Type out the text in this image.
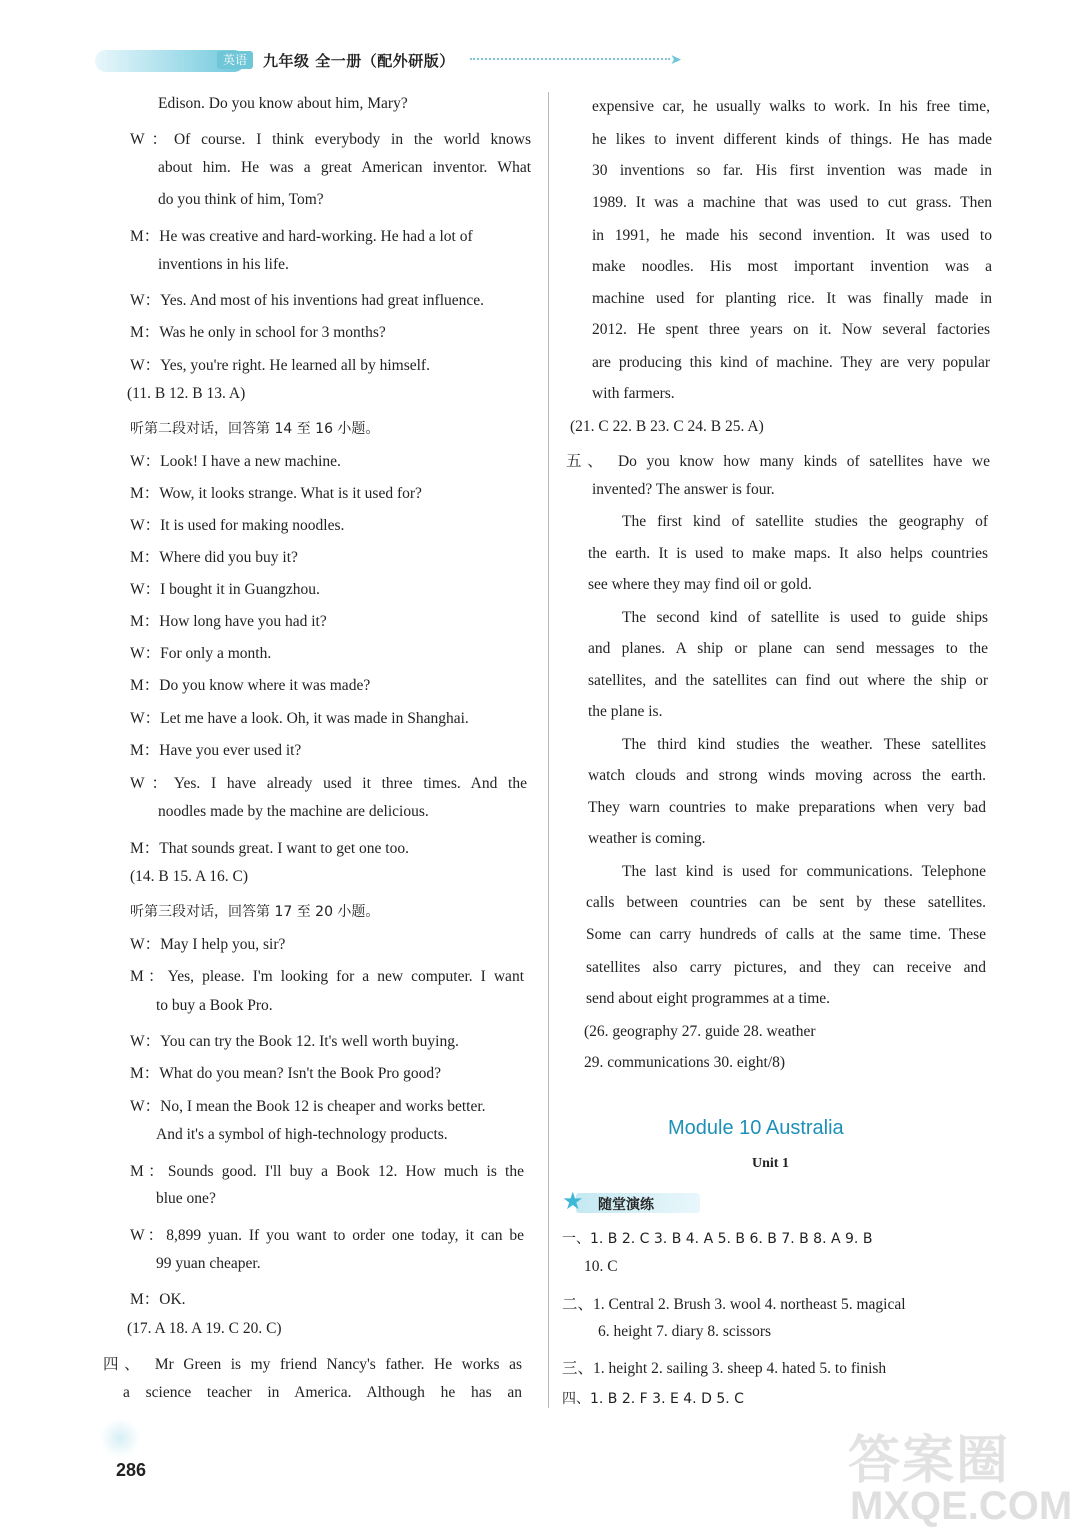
英语	九年级 全一册（配外研版）	➤
Edison. Do you know about him, Mary?
W：Of course. I think everybody in the world knows
about him. He was a great American inventor. What
do you think of him, Tom?
M：He was creative and hard-working. He had a lot of
inventions in his life.
W：Yes. And most of his inventions had great influence.
M：Was he only in school for 3 months?
W：Yes, you're right. He learned all by himself.
(11. B 12. B 13. A)
听第二段对话，回答第 14 至 16 小题。
W：Look! I have a new machine.
M：Wow, it looks strange. What is it used for?
W：It is used for making noodles.
M：Where did you buy it?
W：I bought it in Guangzhou.
M：How long have you had it?
W：For only a month.
M：Do you know where it was made?
W：Let me have a look. Oh, it was made in Shanghai.
M：Have you ever used it?
W：Yes. I have already used it three times. And the
noodles made by the machine are delicious.
M：That sounds great. I want to get one too.
(14. B 15. A 16. C)
听第三段对话，回答第 17 至 20 小题。
W：May I help you, sir?
M：Yes, please. I'm looking for a new computer. I want
to buy a Book Pro.
W：You can try the Book 12. It's well worth buying.
M：What do you mean? Isn't the Book Pro good?
W：No, I mean the Book 12 is cheaper and works better.
And it's a symbol of high-technology products.
M：Sounds good. I'll buy a Book 12. How much is the
blue one?
W：8,899 yuan. If you want to order one today, it can be
99 yuan cheaper.
M：OK.
(17. A 18. A 19. C 20. C)
四、 Mr Green is my friend Nancy's father. He works as
a science teacher in America. Although he has an
expensive car, he usually walks to work. In his free time,
he likes to invent different kinds of things. He has made
30 inventions so far. His first invention was made in
1989. It was a machine that was used to cut grass. Then
in 1991, he made his second invention. It was used to
make noodles. His most important invention was a
machine used for planting rice. It was finally made in
2012. He spent three years on it. Now several factories
are producing this kind of machine. They are very popular
with farmers.
(21. C 22. B 23. C 24. B 25. A)
五、 Do you know how many kinds of satellites have we
invented? The answer is four.
The first kind of satellite studies the geography of
the earth. It is used to make maps. It also helps countries
see where they may find oil or gold.
The second kind of satellite is used to guide ships
and planes. A ship or plane can send messages to the
satellites, and the satellites can find out where the ship or
the plane is.
The third kind studies the weather. These satellites
watch clouds and strong winds moving across the earth.
They warn countries to make preparations when very bad
weather is coming.
The last kind is used for communications. Telephone
calls between countries can be sent by these satellites.
Some can carry hundreds of calls at the same time. These
satellites also carry pictures, and they can receive and
send about eight programmes at a time.
(26. geography 27. guide 28. weather
29. communications 30. eight/8)
Module 10 Australia
Unit 1
★ 随堂演练
一、1. B 2. C 3. B 4. A 5. B 6. B 7. B 8. A 9. B
10. C
二、1. Central 2. Brush 3. wool 4. northeast 5. magical
6. height 7. diary 8. scissors
三、1. height 2. sailing 3. sheep 4. hated 5. to finish
四、1. B 2. F 3. E 4. D 5. C
286	答案圈
MXQE.COM
